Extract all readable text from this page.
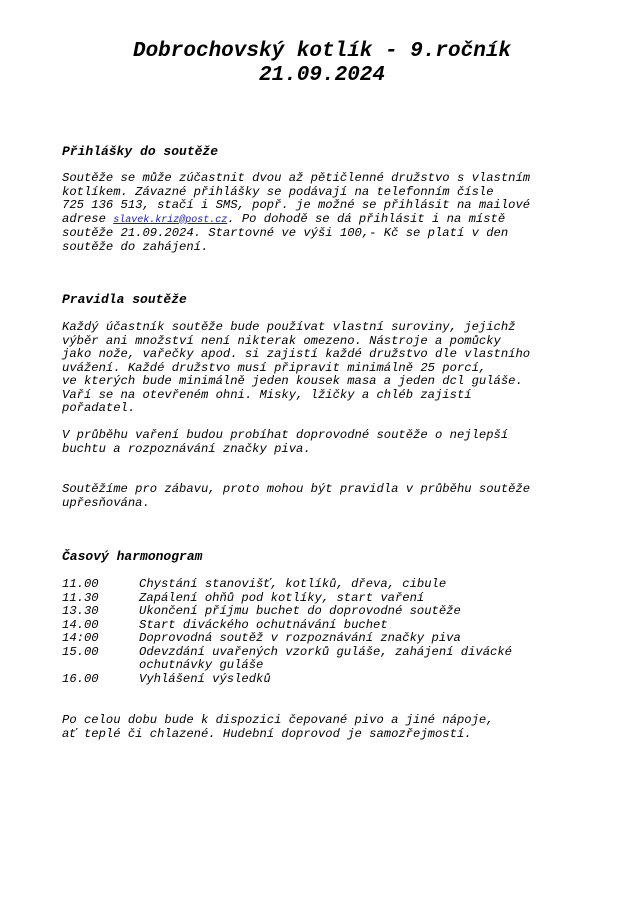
Dobrochovský kotlík - 9.ročník
21.09.2024
Přihlášky do soutěže
Soutěže se může zúčastnit dvou až pětičlenné družstvo s vlastním
kotlíkem. Závazné přihlášky se podávají na telefonním čísle
725 136 513, stačí i SMS, popř. je možné se přihlásit na mailové
adrese slavek.kriz@post.cz. Po dohodě se dá přihlásit i na místě
soutěže 21.09.2024. Startovné ve výši 100,- Kč se platí v den
soutěže do zahájení.
Pravidla soutěže
Každý účastník soutěže bude používat vlastní suroviny, jejichž
výběr ani množství není nikterak omezeno. Nástroje a pomůcky
jako nože, vařečky apod. si zajistí každé družstvo dle vlastního
uvážení. Každé družstvo musí připravit minimálně 25 porcí,
ve kterých bude minimálně jeden kousek masa a jeden dcl guláše.
Vaří se na otevřeném ohni. Misky, lžičky a chléb zajistí
pořadatel.
V průběhu vaření budou probíhat doprovodné soutěže o nejlepší
buchtu a rozpoznávání značky piva.
Soutěžíme pro zábavu, proto mohou být pravidla v průběhu soutěže
upřesňována.
Časový harmonogram
11.00	Chystání stanovišť, kotlíků, dřeva, cibule
11.30	Zapálení ohňů pod kotlíky, start vaření
13.30	Ukončení příjmu buchet do doprovodné soutěže
14.00	Start diváckého ochutnávání buchet
14:00	Doprovodná soutěž v rozpoznávání značky piva
15.00	Odevzdání uvařených vzorků guláše, zahájení divácké
ochutnávky guláše
16.00	Vyhlášení výsledků
Po celou dobu bude k dispozici čepované pivo a jiné nápoje,
ať teplé či chlazené. Hudební doprovod je samozřejmostí.
